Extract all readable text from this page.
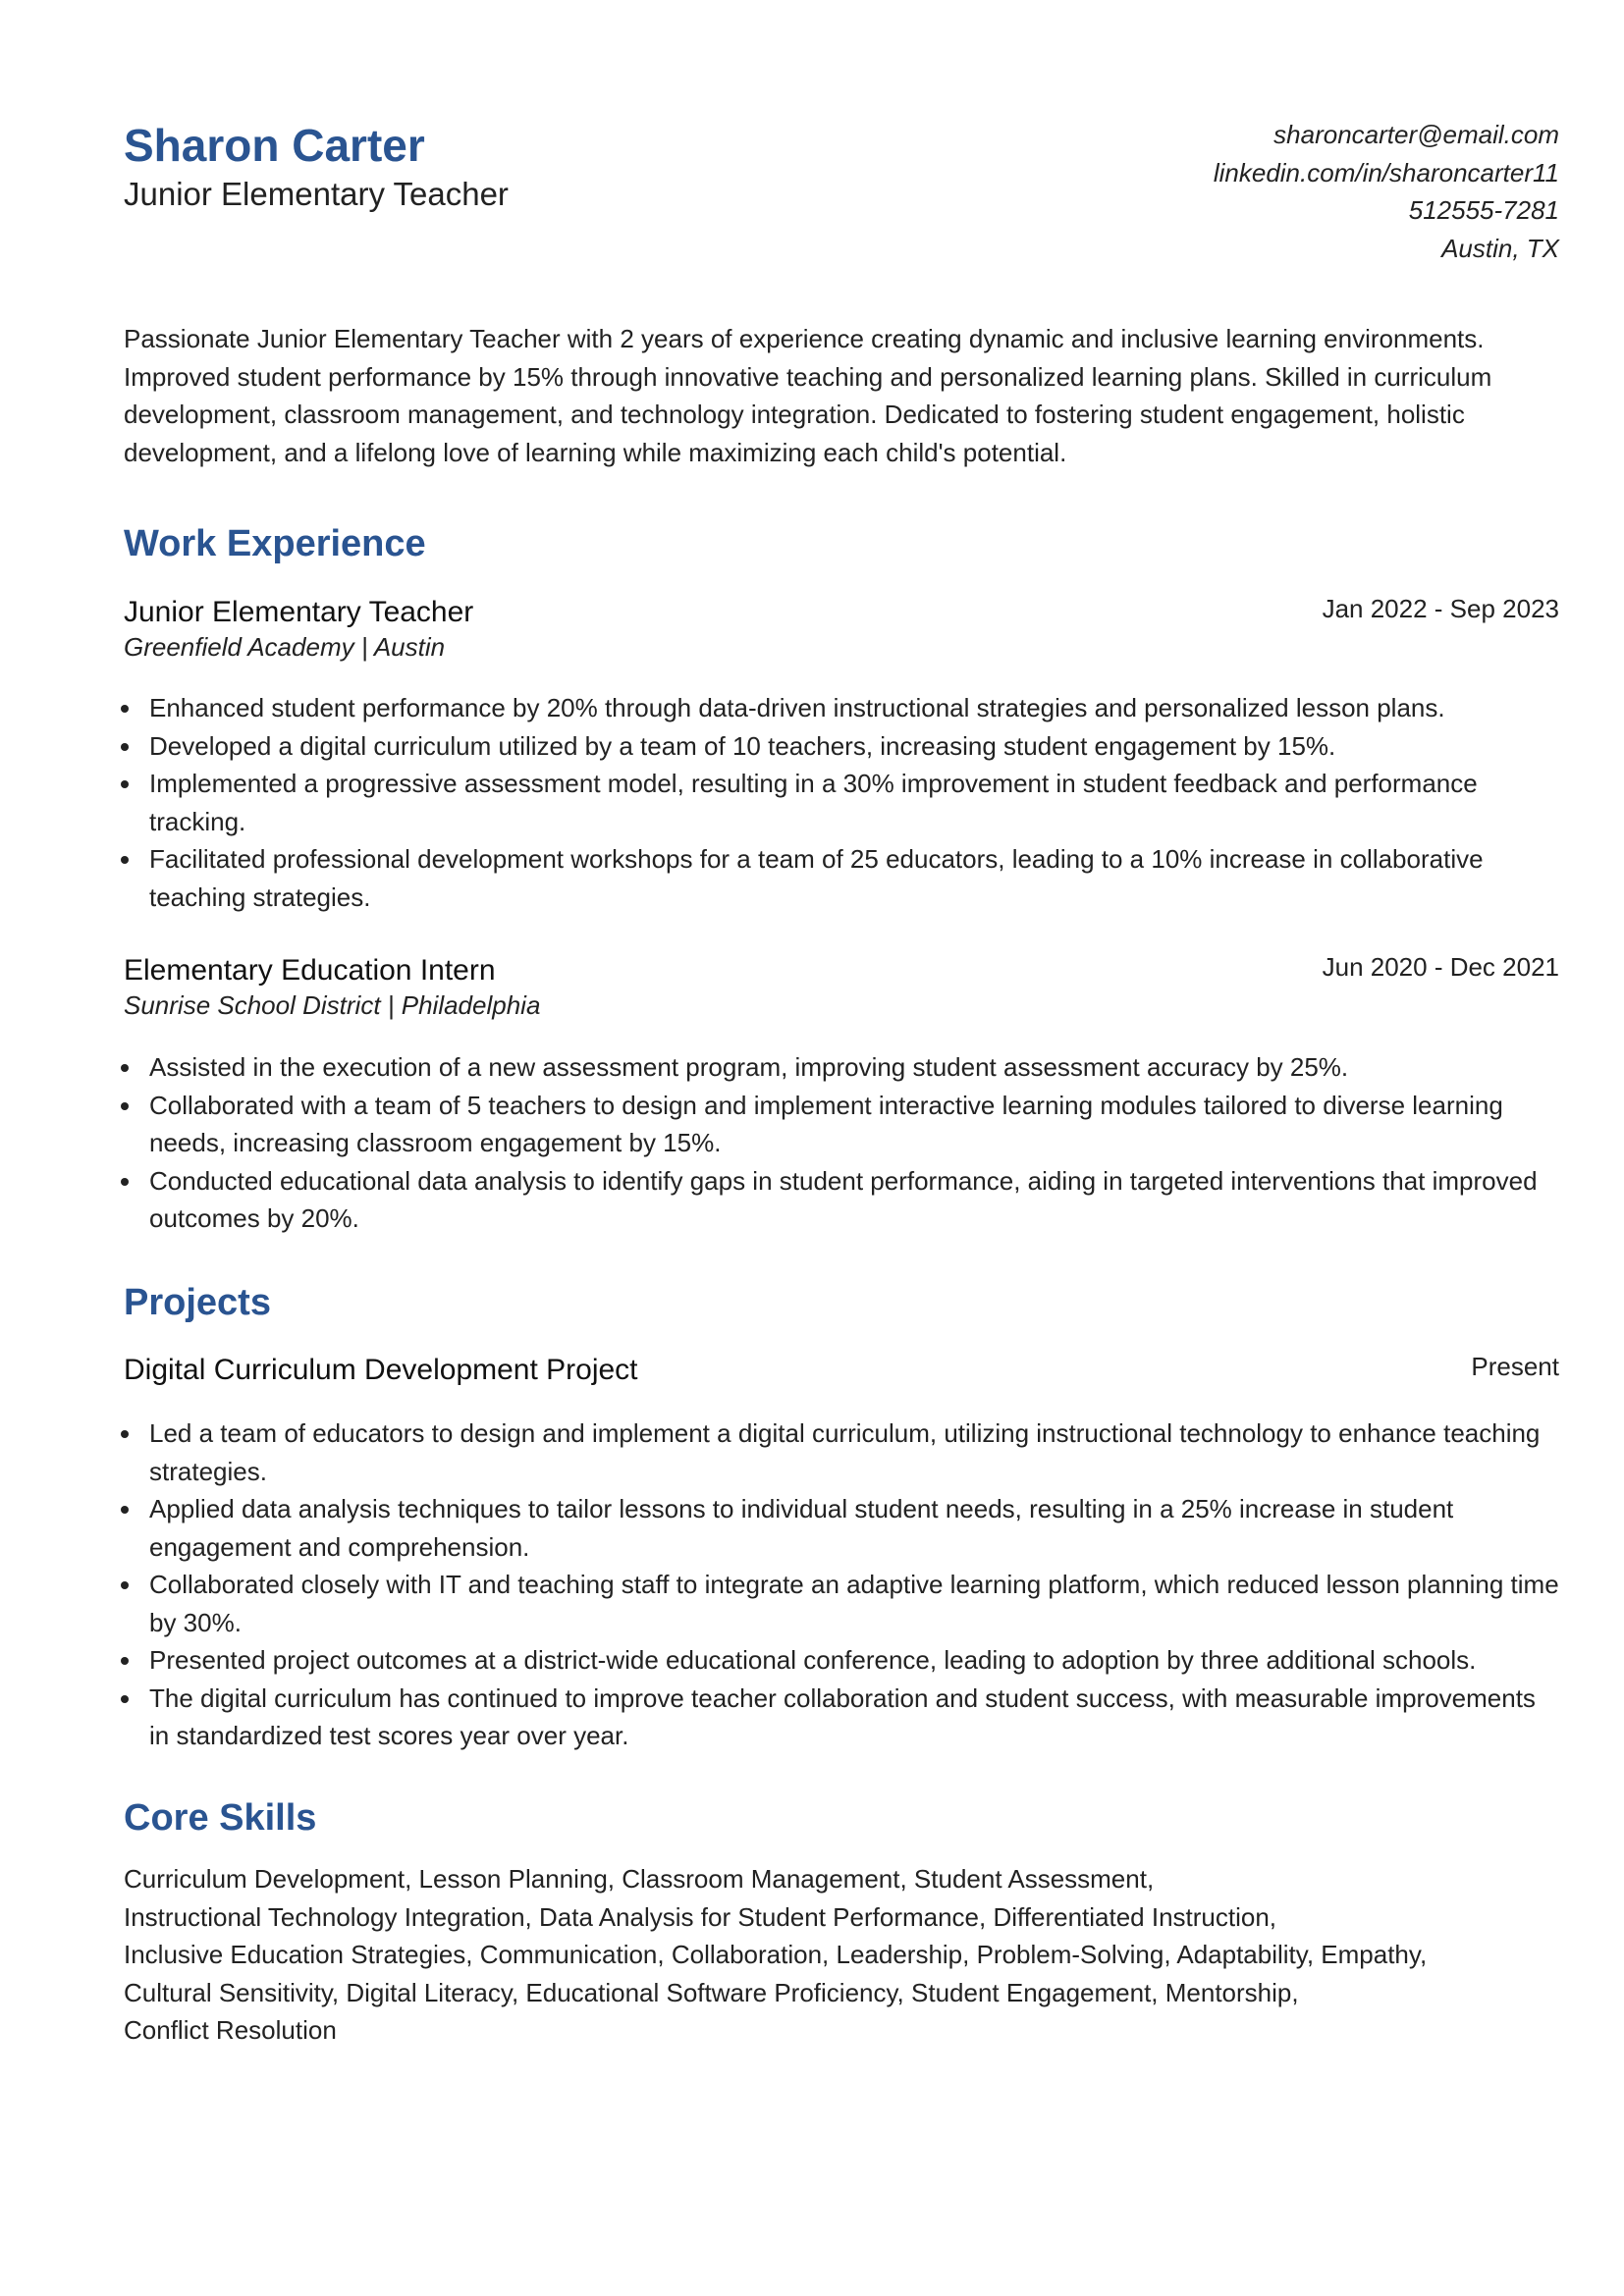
Sharon Carter
Junior Elementary Teacher
sharoncarter@email.com
linkedin.com/in/sharoncarter11
512555-7281
Austin, TX

Passionate Junior Elementary Teacher with 2 years of experience creating dynamic and inclusive learning environments. Improved student performance by 15% through innovative teaching and personalized learning plans. Skilled in curriculum development, classroom management, and technology integration. Dedicated to fostering student engagement, holistic development, and a lifelong love of learning while maximizing each child's potential.

Work Experience
Junior Elementary Teacher	Jan 2022 - Sep 2023
Greenfield Academy | Austin
Enhanced student performance by 20% through data-driven instructional strategies and personalized lesson plans.
Developed a digital curriculum utilized by a team of 10 teachers, increasing student engagement by 15%.
Implemented a progressive assessment model, resulting in a 30% improvement in student feedback and performance tracking.
Facilitated professional development workshops for a team of 25 educators, leading to a 10% increase in collaborative teaching strategies.
Elementary Education Intern	Jun 2020 - Dec 2021
Sunrise School District | Philadelphia
Assisted in the execution of a new assessment program, improving student assessment accuracy by 25%.
Collaborated with a team of 5 teachers to design and implement interactive learning modules tailored to diverse learning needs, increasing classroom engagement by 15%.
Conducted educational data analysis to identify gaps in student performance, aiding in targeted interventions that improved outcomes by 20%.
Projects
Digital Curriculum Development Project	Present
Led a team of educators to design and implement a digital curriculum, utilizing instructional technology to enhance teaching strategies.
Applied data analysis techniques to tailor lessons to individual student needs, resulting in a 25% increase in student engagement and comprehension.
Collaborated closely with IT and teaching staff to integrate an adaptive learning platform, which reduced lesson planning time by 30%.
Presented project outcomes at a district-wide educational conference, leading to adoption by three additional schools.
The digital curriculum has continued to improve teacher collaboration and student success, with measurable improvements in standardized test scores year over year.
Core Skills
Curriculum Development, Lesson Planning, Classroom Management, Student Assessment,
Instructional Technology Integration, Data Analysis for Student Performance, Differentiated Instruction,
Inclusive Education Strategies, Communication, Collaboration, Leadership, Problem-Solving, Adaptability, Empathy,
Cultural Sensitivity, Digital Literacy, Educational Software Proficiency, Student Engagement, Mentorship,
Conflict Resolution
